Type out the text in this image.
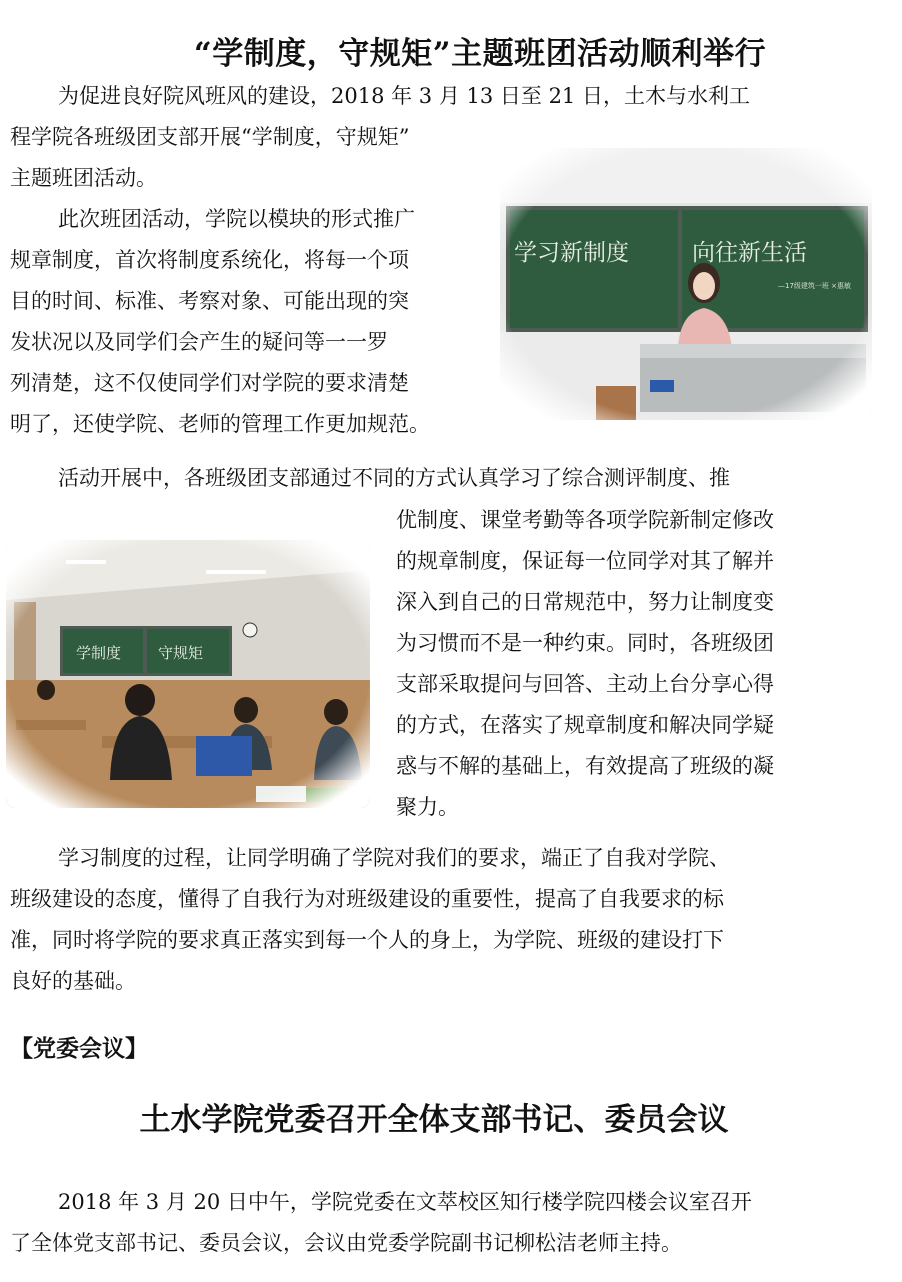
“学制度，守规矩”主题班团活动顺利举行

为促进良好院风班风的建设，2018 年 3 月 13 日至 21 日，土木与水利工

程学院各班级团支部开展“学制度，守规矩”

主题班团活动。

此次班团活动，学院以模块的形式推广

规章制度，首次将制度系统化，将每一个项

目的时间、标准、考察对象、可能出现的突

发状况以及同学们会产生的疑问等一一罗

列清楚，这不仅使同学们对学院的要求清楚

明了，还使学院、老师的管理工作更加规范。

活动开展中，各班级团支部通过不同的方式认真学习了综合测评制度、推

优制度、课堂考勤等各项学院新制定修改

的规章制度，保证每一位同学对其了解并

深入到自己的日常规范中，努力让制度变

为习惯而不是一种约束。同时，各班级团

支部采取提问与回答、主动上台分享心得

的方式，在落实了规章制度和解决同学疑

惑与不解的基础上，有效提高了班级的凝

聚力。

学习制度的过程，让同学明确了学院对我们的要求，端正了自我对学院、

班级建设的态度，懂得了自我行为对班级建设的重要性，提高了自我要求的标

准，同时将学院的要求真正落实到每一个人的身上，为学院、班级的建设打下

良好的基础。

【党委会议】

土水学院党委召开全体支部书记、委员会议

2018 年 3 月 20 日中午，学院党委在文萃校区知行楼学院四楼会议室召开

了全体党支部书记、委员会议，会议由党委学院副书记柳松洁老师主持。
